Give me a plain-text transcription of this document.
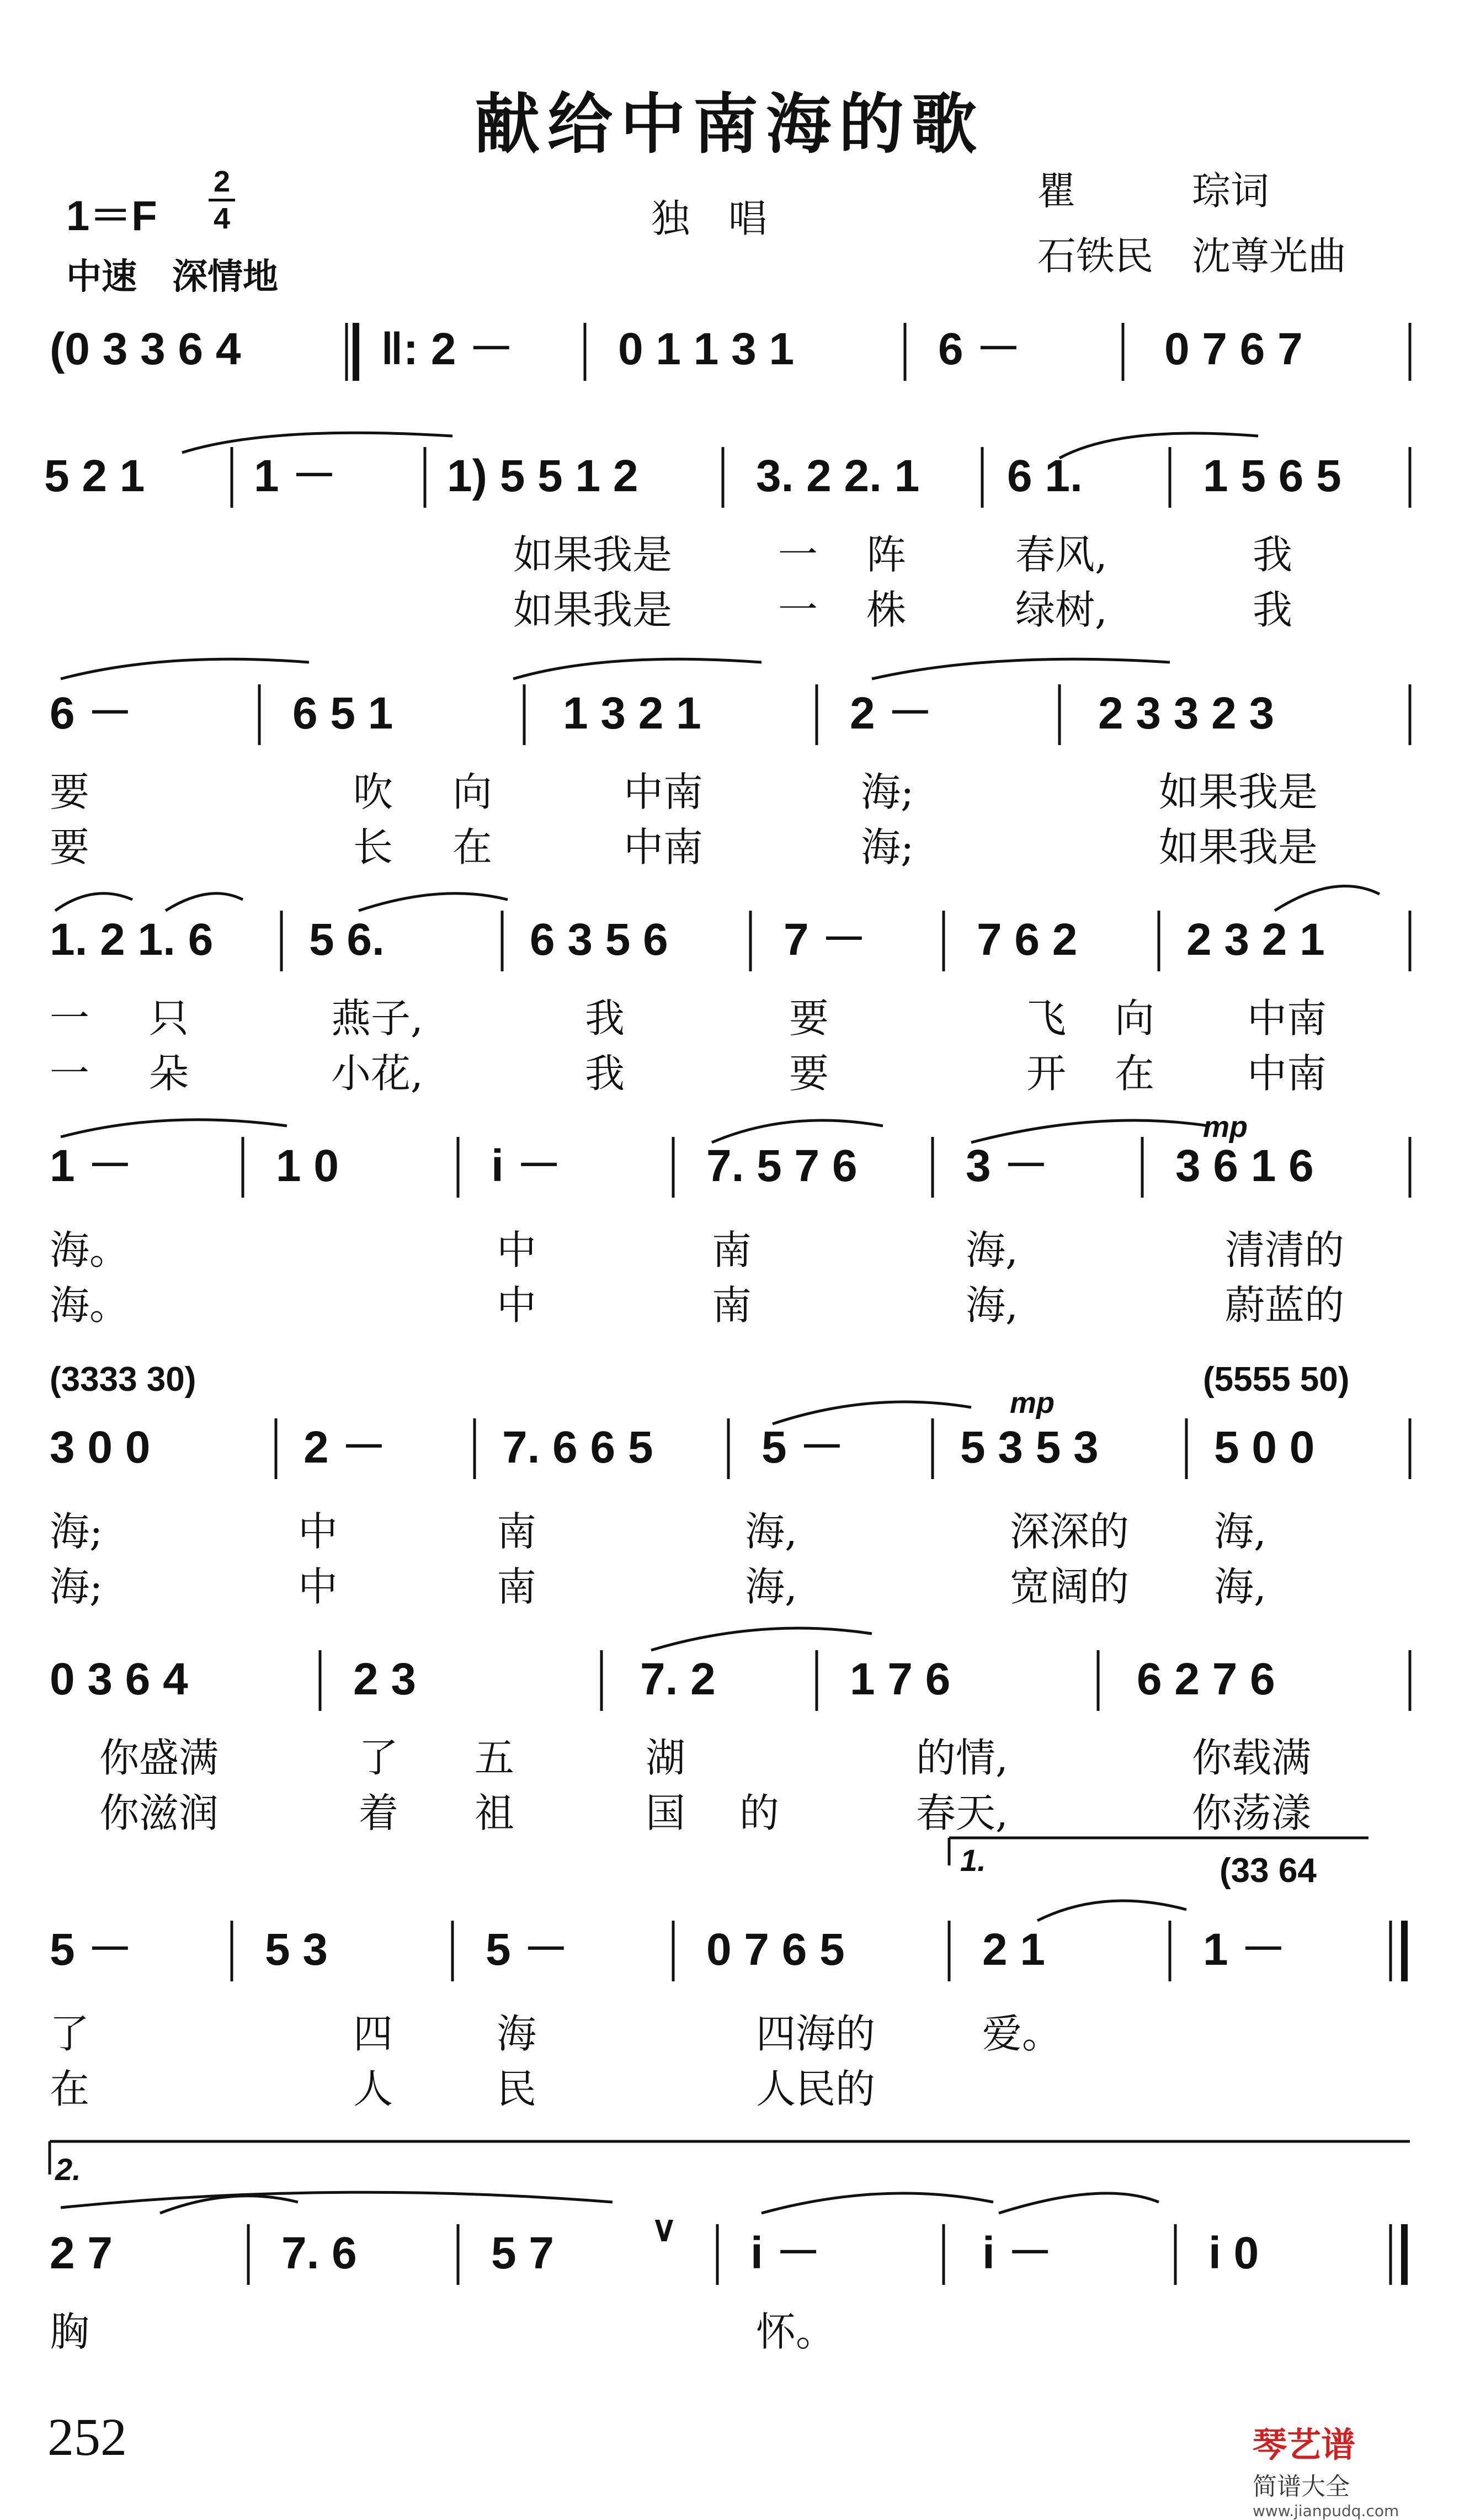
献给中南海的歌
1＝F
2
4
中速　深情地
独唱
瞿　　　琮词
石铁民　沈尊光曲
(0 3 3 6 4	‖: 2 － 0 1 1 3 1	6 －	0 7 6 7
5 2 1 1 － 1) 5 5 1 2	3. 2 2. 1 6 1.	1 5 6 5
6 －	6 5 1	1 3 2 1	2 －	2 3 3 2 3
1. 2 1. 6 5 6.	6 3 5 6	7 － 7 6 2 2 3 2 1
1 －	1 0	i －	7. 5 7 6 3 －	3 6 1 6
mp
(3333 30)	(5555 50)
3 0 0	2 －	7. 6 6 5 5 －	5 3 5 3	5 0 0
mp
0 3 6 4	2 3	7. 2	1 7 6	6 2 7 6
1.	(33 64
5 －	5 3	5 －	0 7 6 5	2 1	1 －
2.
2 7	7. 6	5 7	∨ i －	i －	i 0
如果我是	一 阵	春风,	我
如果我是	一 株	绿树,	我
要	吹 向	中南	海;	如果我是
要	长 在	中南	海;	如果我是
一 只	燕子,	我	要	飞 向 中南
一 朵	小花,	我	要	开 在 中南
海。	中	南	海,	清清的
海。	中	南	海,	蔚蓝的
海;	中	南	海,	深深的 海,
海;	中	南	海,	宽阔的 海,
你盛满	了 五	湖	的情,	你载满
你滋润	着 祖	国 的	春天,	你荡漾
了	四	海	四海的	爱。
在	人	民	人民的
胸	怀。
252	琴艺谱
简谱大全
www.jianpudq.com
